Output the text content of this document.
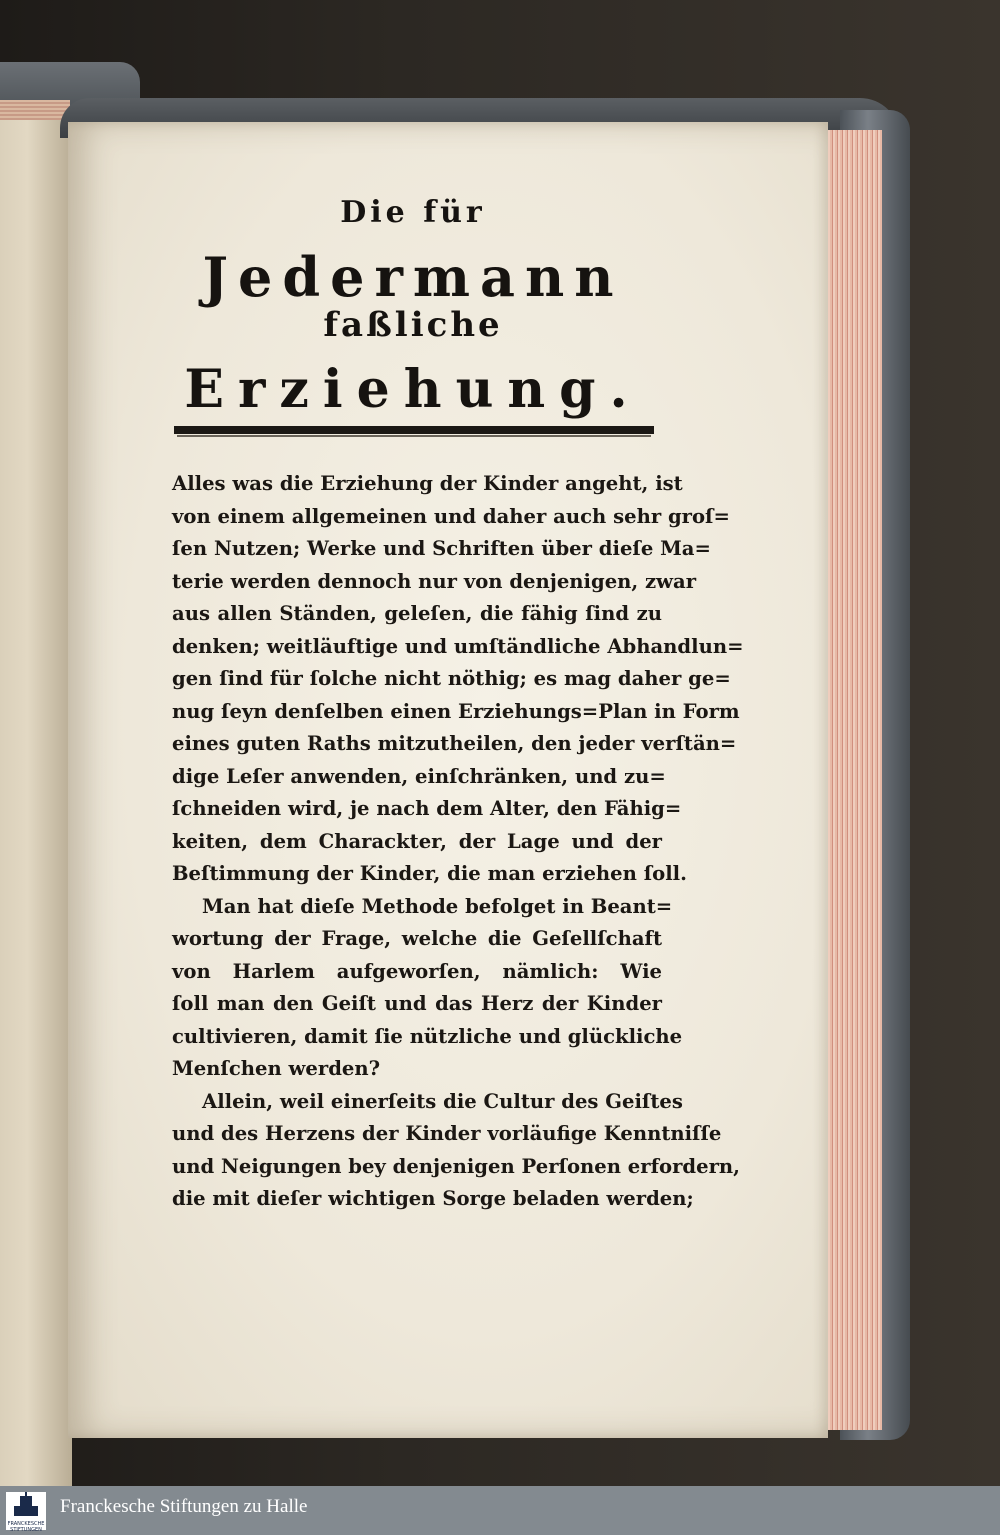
Die für
Jedermann
faßliche
Erziehung.
Alles was die Erziehung der Kinder angeht, ist
von einem allgemeinen und daher auch sehr groſ=
ſen Nutzen; Werke und Schriften über dieſe Ma=
terie werden dennoch nur von denjenigen, zwar
aus allen Ständen, geleſen, die fähig ſind zu
denken; weitläuftige und umſtändliche Abhandlun=
gen ſind für ſolche nicht nöthig; es mag daher ge=
nug ſeyn denſelben einen Erziehungs=Plan in Form
eines guten Raths mitzutheilen, den jeder verſtän=
dige Leſer anwenden, einſchränken, und zu=
ſchneiden wird, je nach dem Alter, den Fähig=
keiten, dem Charackter, der Lage und der
Beſtimmung der Kinder, die man erziehen ſoll.
Man hat dieſe Methode befolget in Beant=
wortung der Frage, welche die Geſellſchaft
von Harlem aufgeworſen, nämlich: Wie
ſoll man den Geiſt und das Herz der Kinder
cultivieren, damit ſie nützliche und glückliche
Menſchen werden?
Allein, weil einerſeits die Cultur des Geiſtes
und des Herzens der Kinder vorläufige Kenntniſſe
und Neigungen bey denjenigen Perſonen erfordern,
die mit dieſer wichtigen Sorge beladen werden;
FRANCKESCHE
STIFTUNGEN
Franckesche Stiftungen zu Halle
